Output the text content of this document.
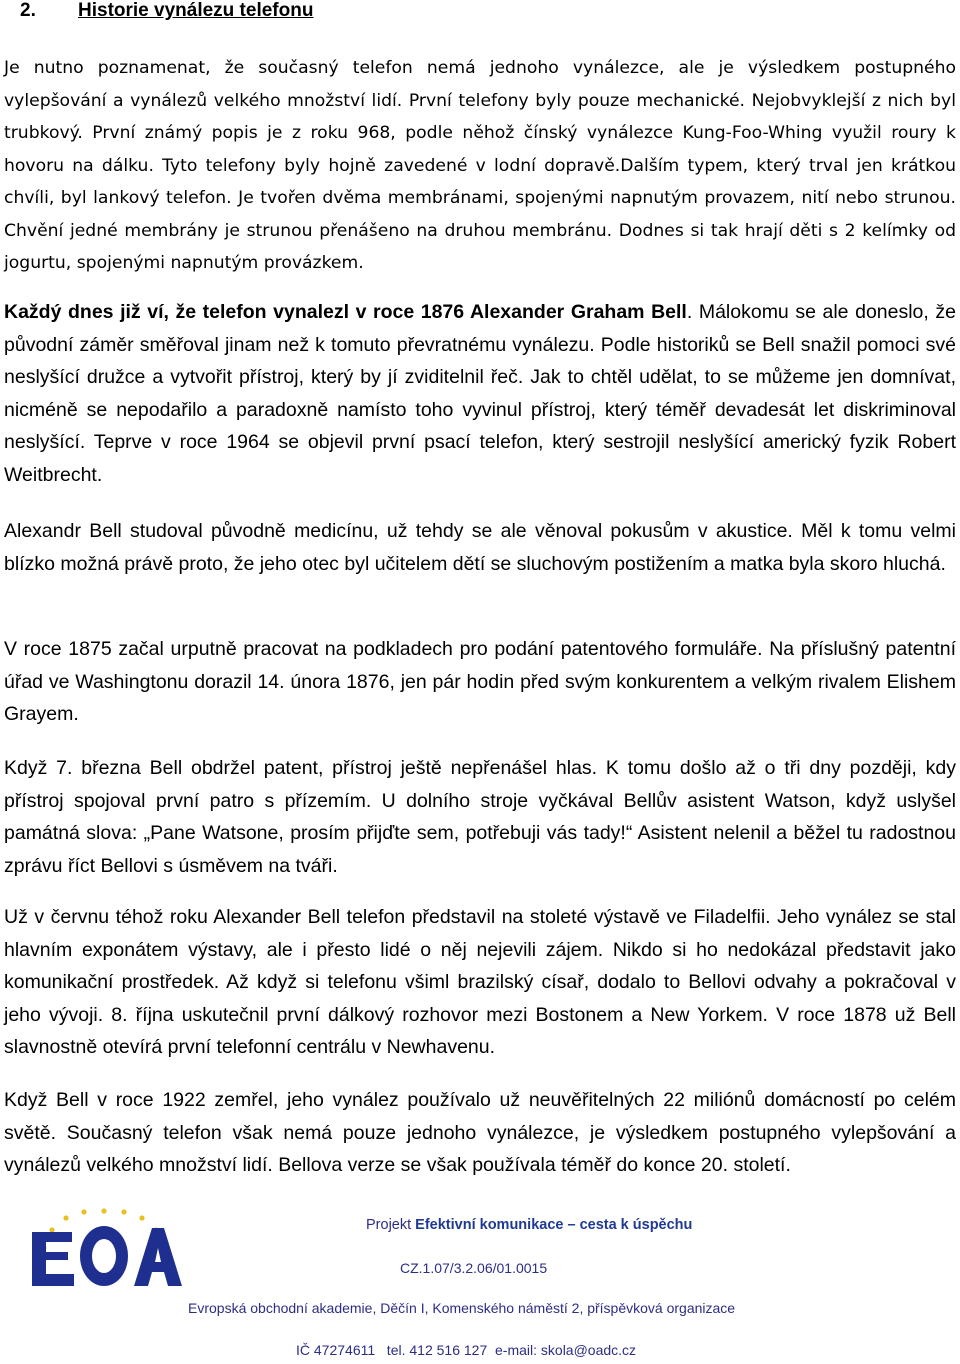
2. Historie vynálezu telefonu

Je nutno poznamenat, že současný telefon nemá jednoho vynálezce, ale je výsledkem postupného vylepšování a vynálezů velkého množství lidí. První telefony byly pouze mechanické. Nejobvyklejší z nich byl trubkový. První známý popis je z roku 968, podle něhož čínský vynálezce Kung-Foo-Whing využil roury k hovoru na dálku. Tyto telefony byly hojně zavedené v lodní dopravě.Dalším typem, který trval jen krátkou chvíli, byl lankový telefon. Je tvořen dvěma membránami, spojenými napnutým provazem, nití nebo strunou. Chvění jedné membrány je strunou přenášeno na druhou membránu. Dodnes si tak hrají děti s 2 kelímky od jogurtu, spojenými napnutým provázkem.

Každý dnes již ví, že telefon vynalezl v roce 1876 Alexander Graham Bell. Málokomu se ale doneslo, že původní záměr směřoval jinam než k tomuto převratnému vynálezu. Podle historiků se Bell snažil pomoci své neslyšící družce a vytvořit přístroj, který by jí zviditelnil řeč. Jak to chtěl udělat, to se můžeme jen domnívat, nicméně se nepodařilo a paradoxně namísto toho vyvinul přístroj, který téměř devadesát let diskriminoval neslyšící. Teprve v roce 1964 se objevil první psací telefon, který sestrojil neslyšící americký fyzik Robert Weitbrecht.

Alexandr Bell studoval původně medicínu, už tehdy se ale věnoval pokusům v akustice. Měl k tomu velmi blízko možná právě proto, že jeho otec byl učitelem dětí se sluchovým postižením a matka byla skoro hluchá.

V roce 1875 začal urputně pracovat na podkladech pro podání patentového formuláře. Na příslušný patentní úřad ve Washingtonu dorazil 14. února 1876, jen pár hodin před svým konkurentem a velkým rivalem Elishem Grayem.

Když 7. března Bell obdržel patent, přístroj ještě nepřenášel hlas. K tomu došlo až o tři dny později, kdy přístroj spojoval první patro s přízemím. U dolního stroje vyčkával Bellův asistent Watson, když uslyšel památná slova: „Pane Watsone, prosím přijďte sem, potřebuji vás tady!“ Asistent nelenil a běžel tu radostnou zprávu říct Bellovi s úsměvem na tváři.

Už v červnu téhož roku Alexander Bell telefon představil na stoleté výstavě ve Filadelfii. Jeho vynález se stal hlavním exponátem výstavy, ale i přesto lidé o něj nejevili zájem. Nikdo si ho nedokázal představit jako komunikační prostředek. Až když si telefonu všiml brazilský císař, dodalo to Bellovi odvahy a pokračoval v jeho vývoji. 8. října uskutečnil první dálkový rozhovor mezi Bostonem a New Yorkem. V roce 1878 už Bell slavnostně otevírá první telefonní centrálu v Newhavenu.

Když Bell v roce 1922 zemřel, jeho vynález používalo už neuvěřitelných 22 miliónů domácností po celém světě. Současný telefon však nemá pouze jednoho vynálezce, je výsledkem postupného vylepšování a vynálezů velkého množství lidí. Bellova verze se však používala téměř do konce 20. století.

Projekt Efektivní komunikace – cesta k úspěchu
CZ.1.07/3.2.06/01.0015
Evropská obchodní akademie, Děčín I, Komenského náměstí 2, příspěvková organizace
IČ 47274611   tel. 412 516 127  e-mail: skola@oadc.cz
